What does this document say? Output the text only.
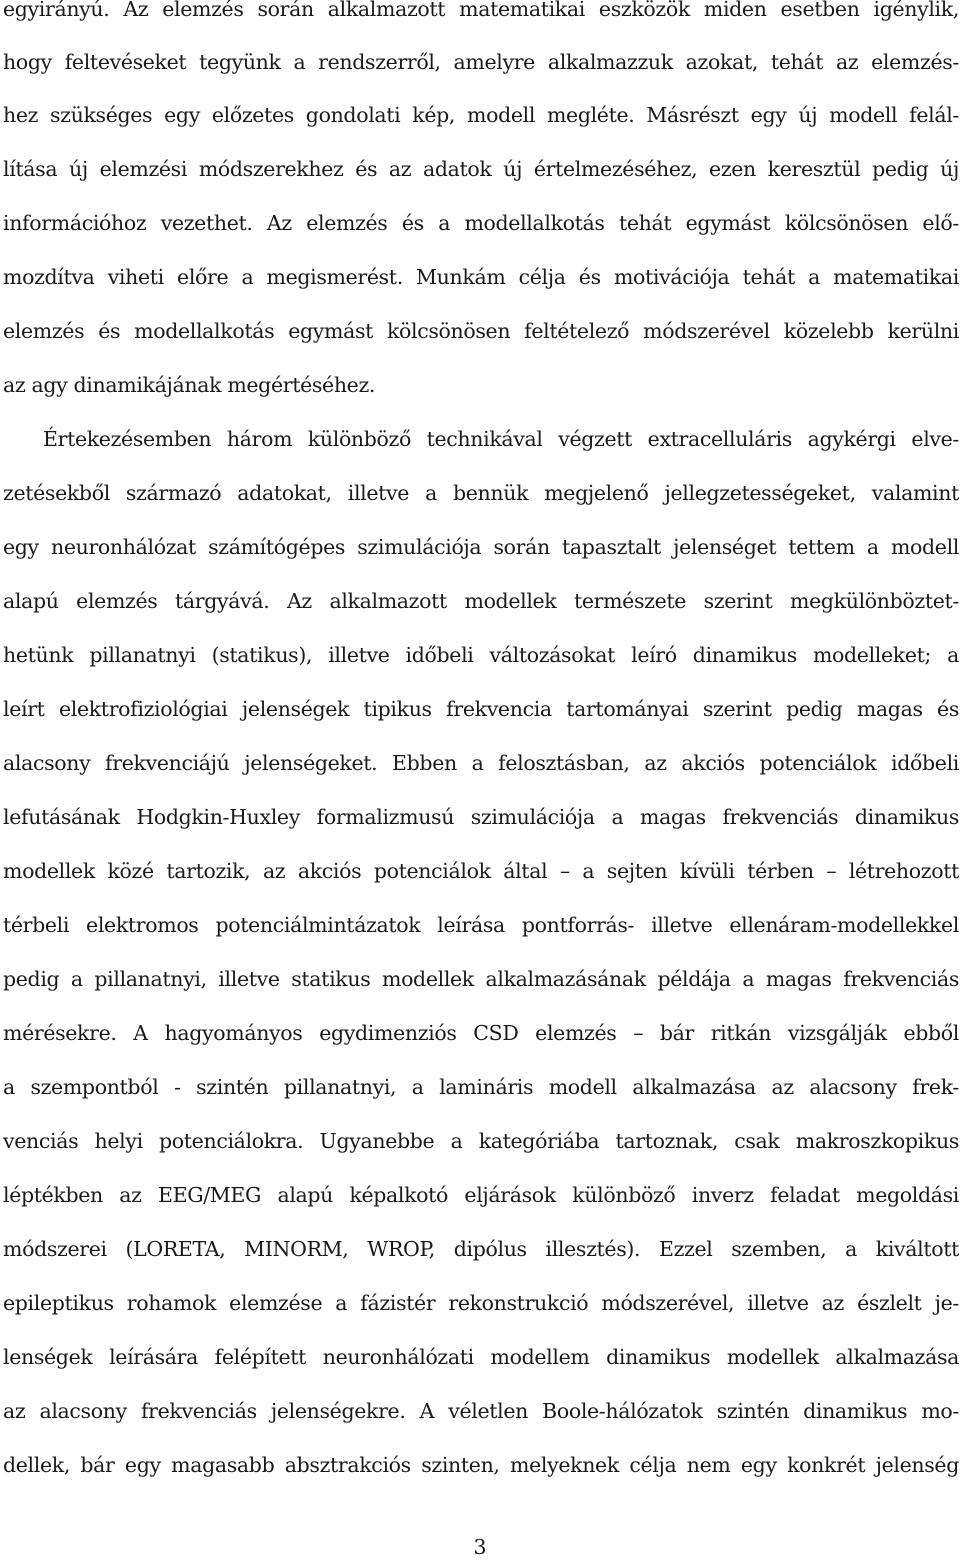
egyirányú. Az elemzés során alkalmazott matematikai eszközök miden esetben igénylik,
hogy feltevéseket tegyünk a rendszerről, amelyre alkalmazzuk azokat, tehát az elemzés-
hez szükséges egy előzetes gondolati kép, modell megléte. Másrészt egy új modell felál-
lítása új elemzési módszerekhez és az adatok új értelmezéséhez, ezen keresztül pedig új
információhoz vezethet. Az elemzés és a modellalkotás tehát egymást kölcsönösen elő-
mozdítva viheti előre a megismerést. Munkám célja és motivációja tehát a matematikai
elemzés és modellalkotás egymást kölcsönösen feltételező módszerével közelebb kerülni
az agy dinamikájának megértéséhez.
Értekezésemben három különböző technikával végzett extracelluláris agykérgi elve-
zetésekből származó adatokat, illetve a bennük megjelenő jellegzetességeket, valamint
egy neuronhálózat számítógépes szimulációja során tapasztalt jelenséget tettem a modell
alapú elemzés tárgyává. Az alkalmazott modellek természete szerint megkülönböztet-
hetünk pillanatnyi (statikus), illetve időbeli változásokat leíró dinamikus modelleket; a
leírt elektrofiziológiai jelenségek tipikus frekvencia tartományai szerint pedig magas és
alacsony frekvenciájú jelenségeket. Ebben a felosztásban, az akciós potenciálok időbeli
lefutásának Hodgkin-Huxley formalizmusú szimulációja a magas frekvenciás dinamikus
modellek közé tartozik, az akciós potenciálok által – a sejten kívüli térben – létrehozott
térbeli elektromos potenciálmintázatok leírása pontforrás- illetve ellenáram-modellekkel
pedig a pillanatnyi, illetve statikus modellek alkalmazásának példája a magas frekvenciás
mérésekre. A hagyományos egydimenziós CSD elemzés – bár ritkán vizsgálják ebből
a szempontból - szintén pillanatnyi, a lamináris modell alkalmazása az alacsony frek-
venciás helyi potenciálokra. Ugyanebbe a kategóriába tartoznak, csak makroszkopikus
léptékben az EEG/MEG alapú képalkotó eljárások különböző inverz feladat megoldási
módszerei (LORETA, MINORM, WROP, dipólus illesztés). Ezzel szemben, a kiváltott
epileptikus rohamok elemzése a fázistér rekonstrukció módszerével, illetve az észlelt je-
lenségek leírására felépített neuronhálózati modellem dinamikus modellek alkalmazása
az alacsony frekvenciás jelenségekre. A véletlen Boole-hálózatok szintén dinamikus mo-
dellek, bár egy magasabb absztrakciós szinten, melyeknek célja nem egy konkrét jelenség
3
